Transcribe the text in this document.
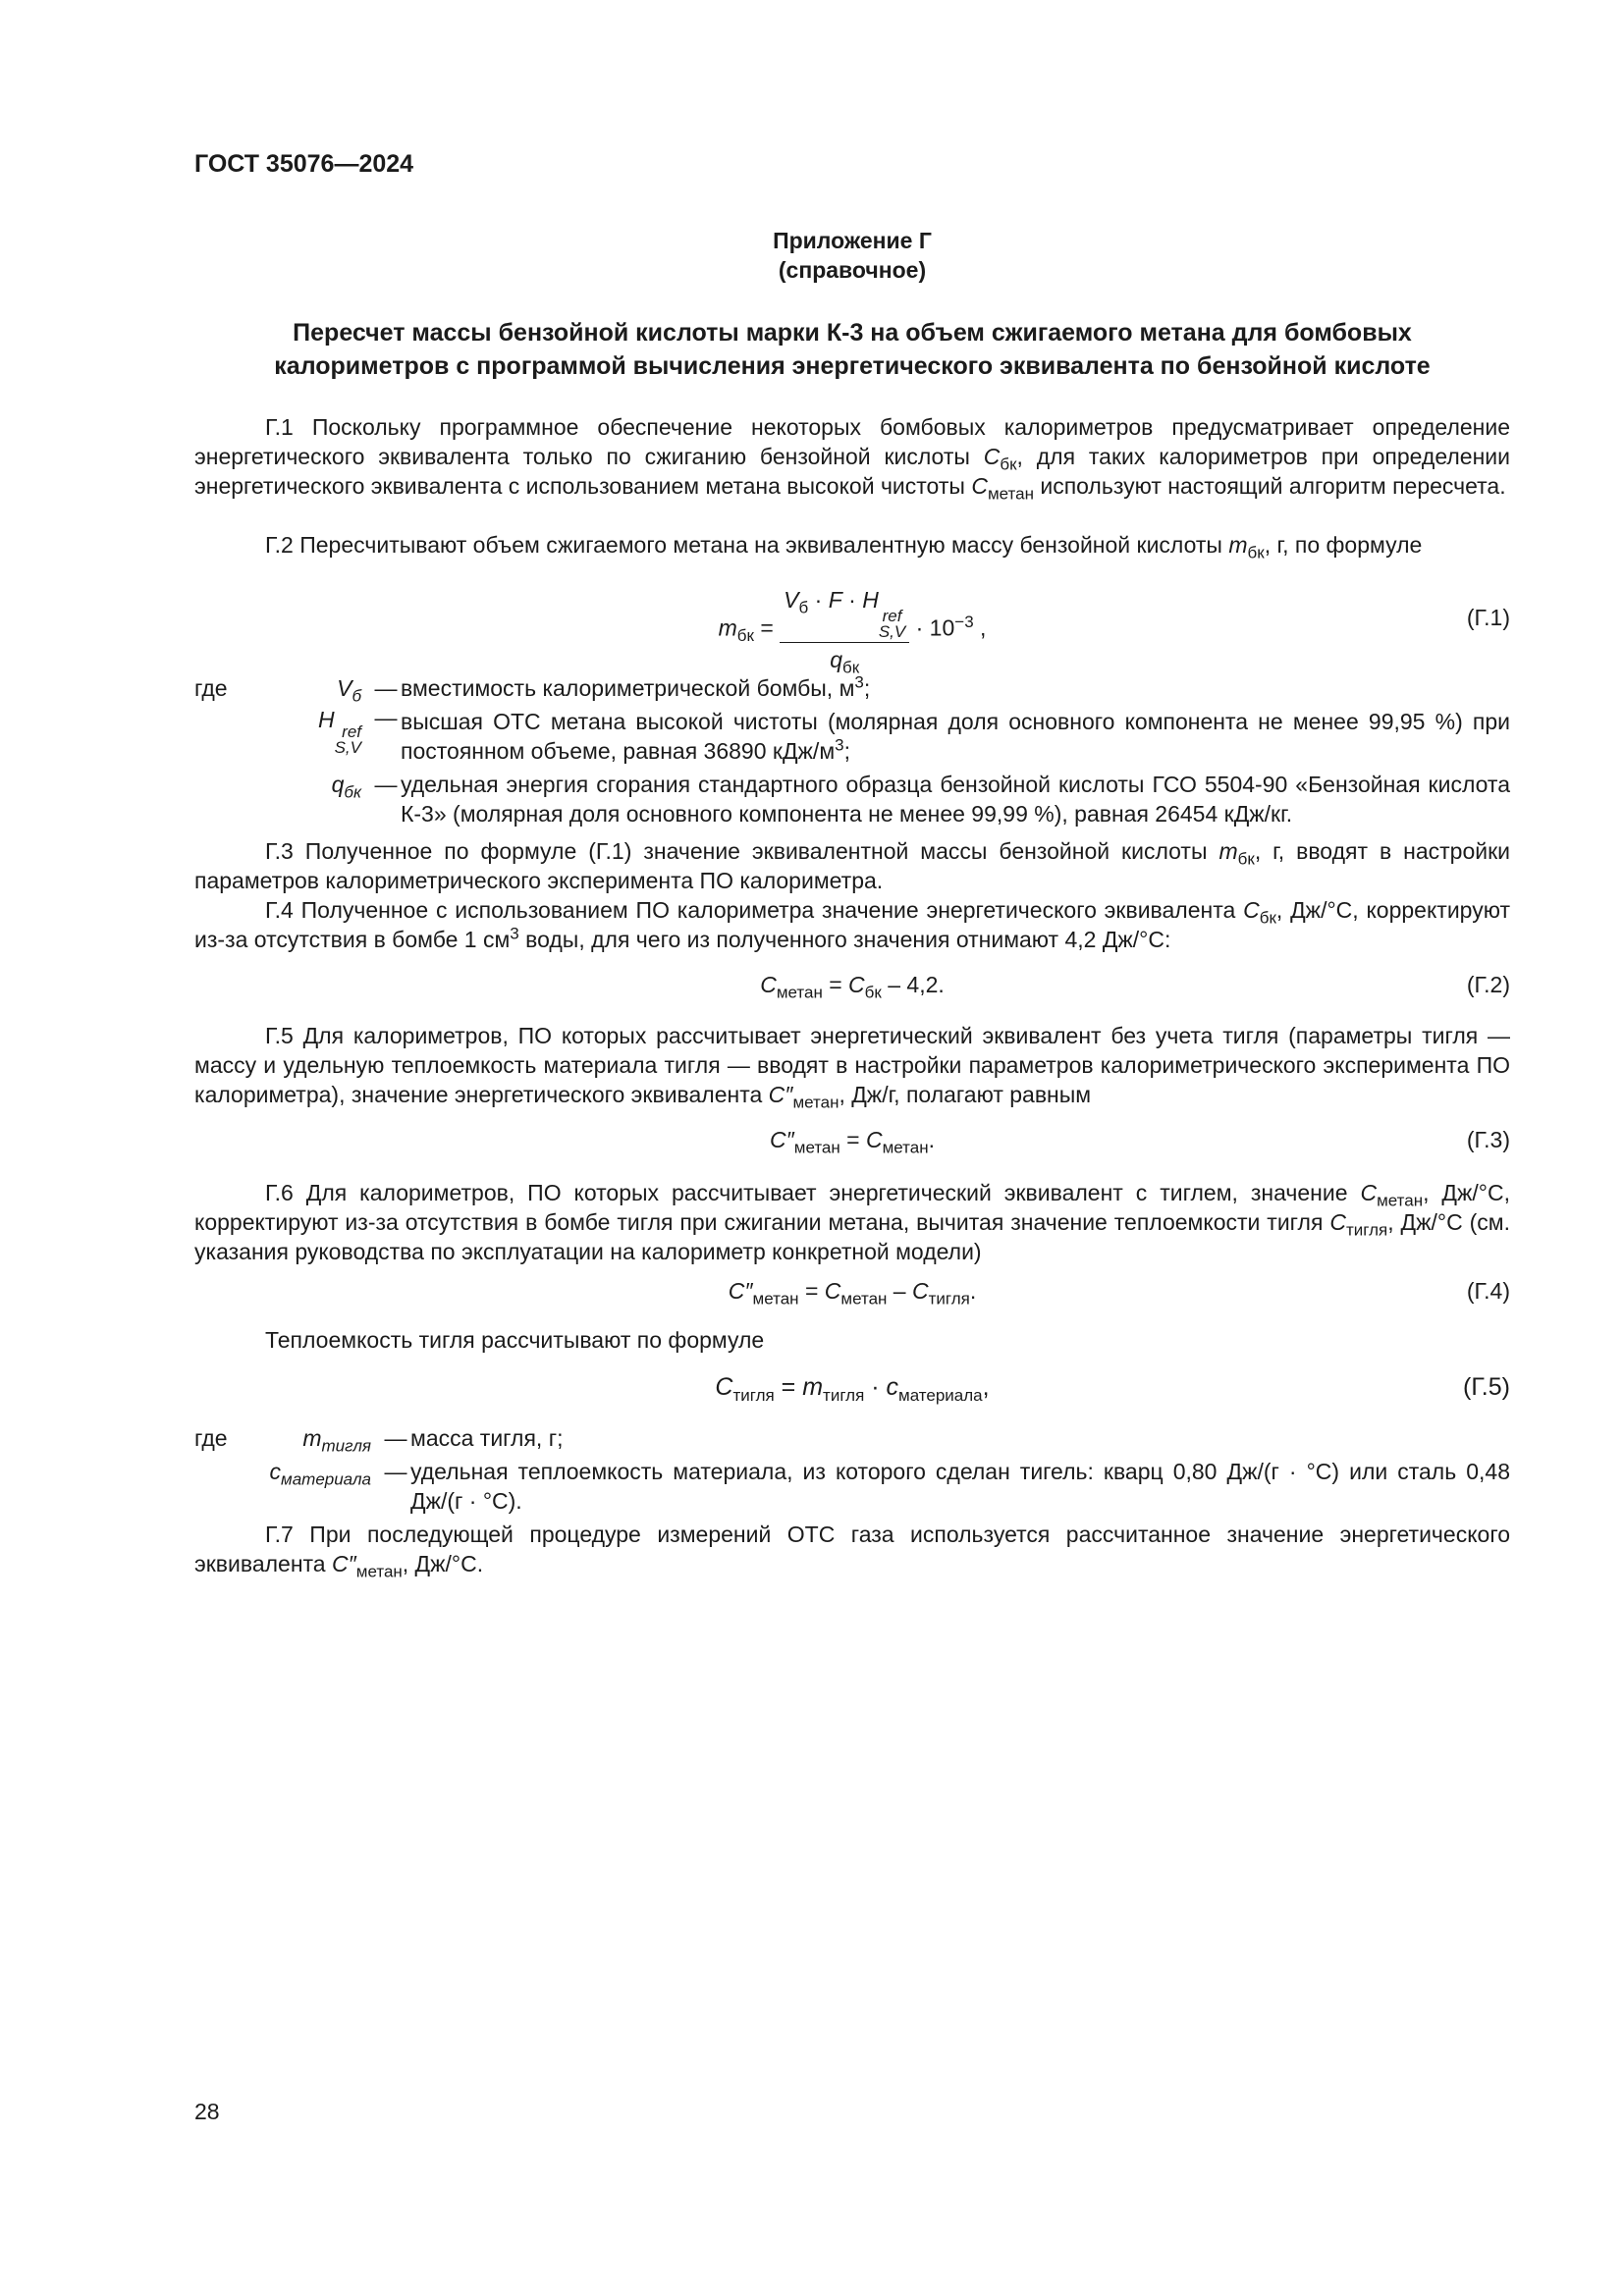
ГОСТ 35076—2024
Приложение Г
(справочное)
Пересчет массы бензойной кислоты марки К-3 на объем сжигаемого метана для бомбовых
калориметров с программой вычисления энергетического эквивалента по бензойной кислоте

Г.1 Поскольку программное обеспечение некоторых бомбовых калориметров предусматривает определение энергетического эквивалента только по сжиганию бензойной кислоты $C_{бк}$, для таких калориметров при определении энергетического эквивалента с использованием метана высокой чистоты $C_{метан}$ используют настоящий алгоритм пересчета.

Г.2 Пересчитывают объем сжигаемого метана на эквивалентную массу бензойной кислоты $m_{бк}$, г, по формуле

$m_{бк} = V_б \cdot F \cdot H$
ref
S,V
$q_{бк} \cdot 10^{-3}$ ,	(Г.1)
где	$V_б$ — вместимость калориметрической бомбы, $м^3$;
H ref
S,V
— высшая ОТС метана высокой чистоты (молярная доля основного компонента не менее 99,95 %) при постоянном объеме, равная 36890 кДж/$м^3$;
$q_{бк}$ — удельная энергия сгорания стандартного образца бензойной кислоты ГСО 5504-90 «Бензойная кислота К-3» (молярная доля основного компонента не менее 99,99 %), равная 26454 кДж/кг.

Г.3 Полученное по формуле (Г.1) значение эквивалентной массы бензойной кислоты $m_{бк}$, г, вводят в настройки параметров калориметрического эксперимента ПО калориметра.

Г.4 Полученное с использованием ПО калориметра значение энергетического эквивалента $C_{бк}$, Дж/°С, корректируют из-за отсутствия в бомбе 1 $см^3$ воды, для чего из полученного значения отнимают 4,2 Дж/°С:

$C_{метан} = C_{бк} - 4,2$.	(Г.2)

Г.5 Для калориметров, ПО которых рассчитывает энергетический эквивалент без учета тигля (параметры тигля — массу и удельную теплоемкость материала тигля — вводят в настройки параметров калориметрического эксперимента ПО калориметра), значение энергетического эквивалента $C''_{метан}$, Дж/г, полагают равным

$C''_{метан} = C_{метан}$.	(Г.3)

Г.6 Для калориметров, ПО которых рассчитывает энергетический эквивалент с тиглем, значение $C_{метан}$, Дж/°С, корректируют из-за отсутствия в бомбе тигля при сжигании метана, вычитая значение теплоемкости тигля $C_{тигля}$, Дж/°С (см. указания руководства по эксплуатации на калориметр конкретной модели)

$C''_{метан} = C_{метан} - C_{тигля}$.	(Г.4)

Теплоемкость тигля рассчитывают по формуле

$C_{тигля} = m_{тигля} \cdot c_{материала}$,	(Г.5)
где	$m_{тигля}$ — масса тигля, г;
$c_{материала}$ — удельная теплоемкость материала, из которого сделан тигель: кварц 0,80 Дж/(г · °С) или сталь 0,48 Дж/(г · °С).

Г.7 При последующей процедуре измерений ОТС газа используется рассчитанное значение энергетического эквивалента $C''_{метан}$, Дж/°С.

28
